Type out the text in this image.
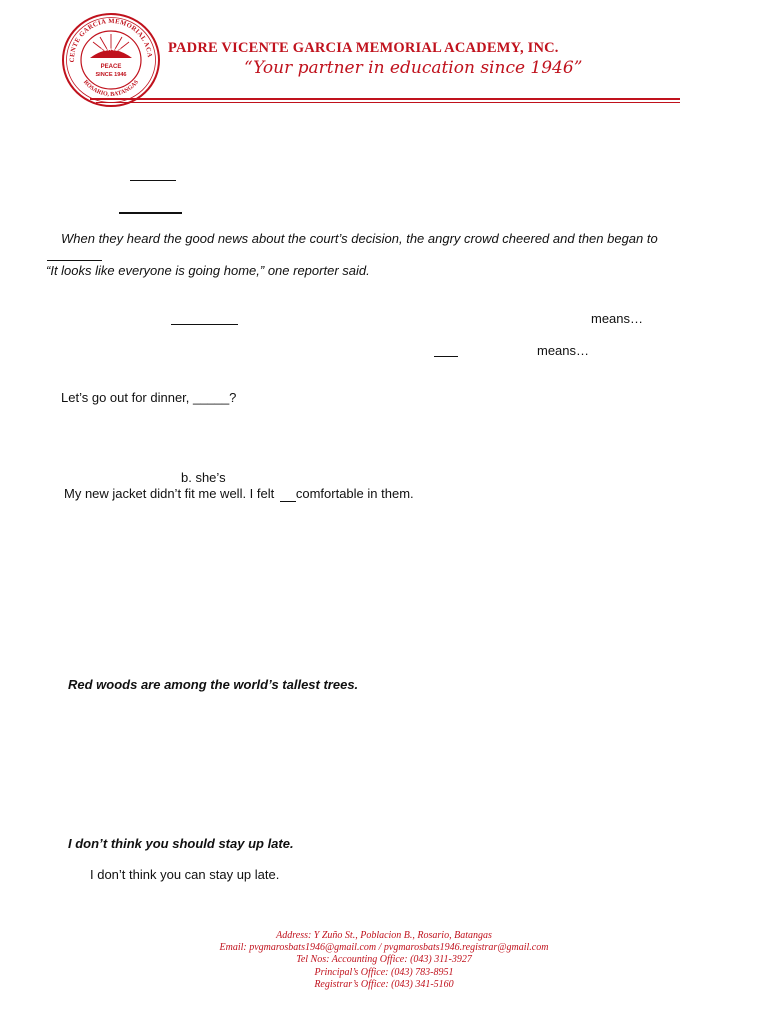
CENTE GARCIA MEMORIAL ACA
ROSARIO, BATANGAS
HAPPINESS PROSPERITY
PEACE
SINCE 1946
PADRE VICENTE GARCIA MEMORIAL ACADEMY, INC.
“Your partner in education since 1946”
When they heard the good news about the court’s decision, the angry crowd cheered and then began to
“It looks like everyone is going home,” one reporter said.
means…
means…
Let’s go out for dinner, _____?
b. she’s
My new jacket didn’t fit me well. I felt comfortable in them.
Red woods are among the world’s tallest trees.
I don’t think you should stay up late.
I don’t think you can stay up late.
Address: Y Zuño St., Poblacion B., Rosario, Batangas
Email: pvgmarosbats1946@gmail.com / pvgmarosbats1946.registrar@gmail.com
Tel Nos: Accounting Office: (043) 311-3927
Principal’s Office: (043) 783-8951
Registrar’s Office: (043) 341-5160
